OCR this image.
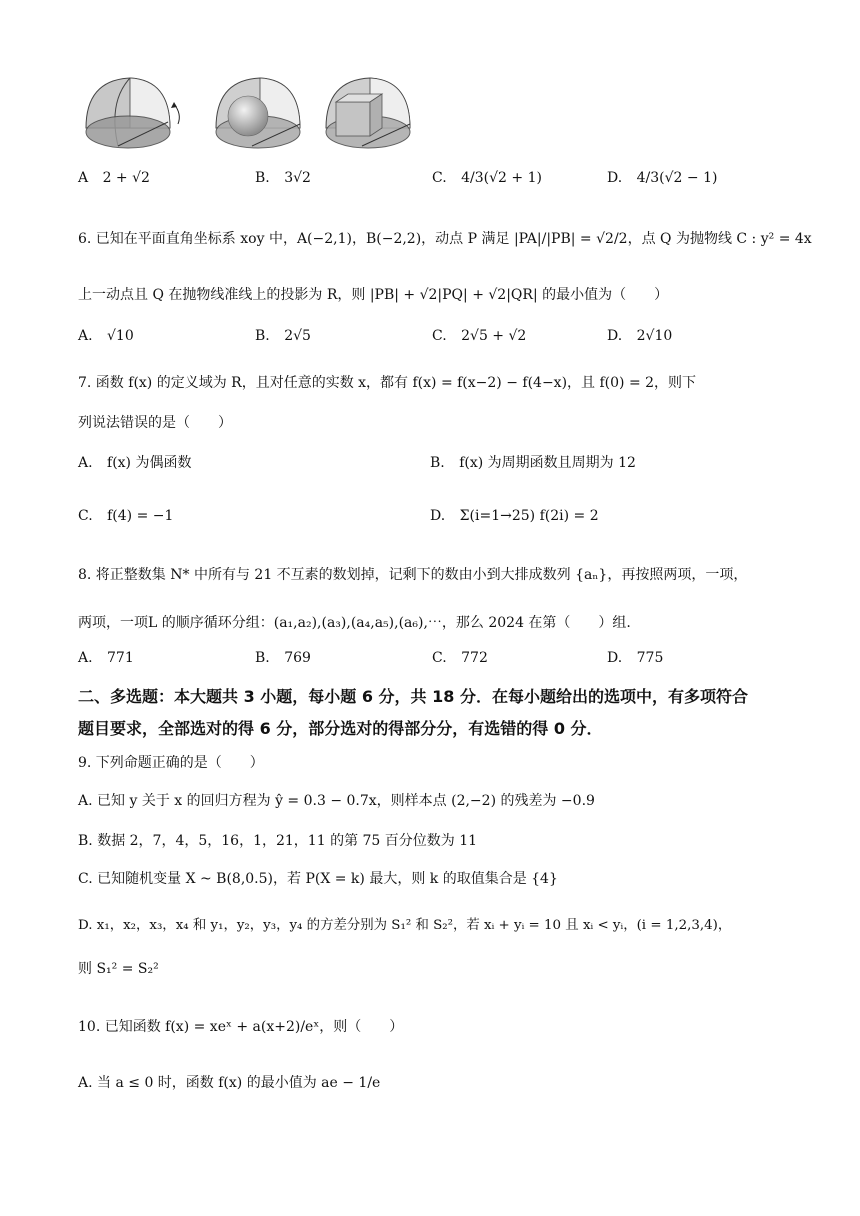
A 2 + √2	B. 3√2	C. 4/3(√2 + 1)	D. 4/3(√2 − 1)
6. 已知在平面直角坐标系 xoy 中，A(−2,1)，B(−2,2)，动点 P 满足 |PA|/|PB| = √2/2，点 Q 为抛物线 C : y² = 4x
上一动点且 Q 在抛物线准线上的投影为 R，则 |PB| + √2|PQ| + √2|QR| 的最小值为（　　）
A. √10	B. 2√5	C. 2√5 + √2	D. 2√10
7. 函数 f(x) 的定义域为 R，且对任意的实数 x，都有 f(x) = f(x−2) − f(4−x)，且 f(0) = 2，则下
列说法错误的是（　　）
A. f(x) 为偶函数	B. f(x) 为周期函数且周期为 12
C. f(4) = −1	D. Σ(i=1→25) f(2i) = 2
8. 将正整数集 N* 中所有与 21 不互素的数划掉，记剩下的数由小到大排成数列 {aₙ}，再按照两项，一项，
两项，一项L 的顺序循环分组：(a₁,a₂),(a₃),(a₄,a₅),(a₆),⋯，那么 2024 在第（　　）组.
A. 771	B. 769	C. 772	D. 775
二、多选题：本大题共 3 小题，每小题 6 分，共 18 分．在每小题给出的选项中，有多项符合
题目要求，全部选对的得 6 分，部分选对的得部分分，有选错的得 0 分．
9. 下列命题正确的是（　　）
A. 已知 y 关于 x 的回归方程为 ŷ = 0.3 − 0.7x，则样本点 (2,−2) 的残差为 −0.9
B. 数据 2，7，4，5，16，1，21，11 的第 75 百分位数为 11
C. 已知随机变量 X ~ B(8,0.5)，若 P(X = k) 最大，则 k 的取值集合是 {4}
D. x₁，x₂，x₃，x₄ 和 y₁，y₂，y₃，y₄ 的方差分别为 S₁² 和 S₂²，若 xᵢ + yᵢ = 10 且 xᵢ < yᵢ，(i = 1,2,3,4)，
则 S₁² = S₂²
10. 已知函数 f(x) = xeˣ + a(x+2)/eˣ，则（　　）
A. 当 a ≤ 0 时，函数 f(x) 的最小值为 ae − 1/e
